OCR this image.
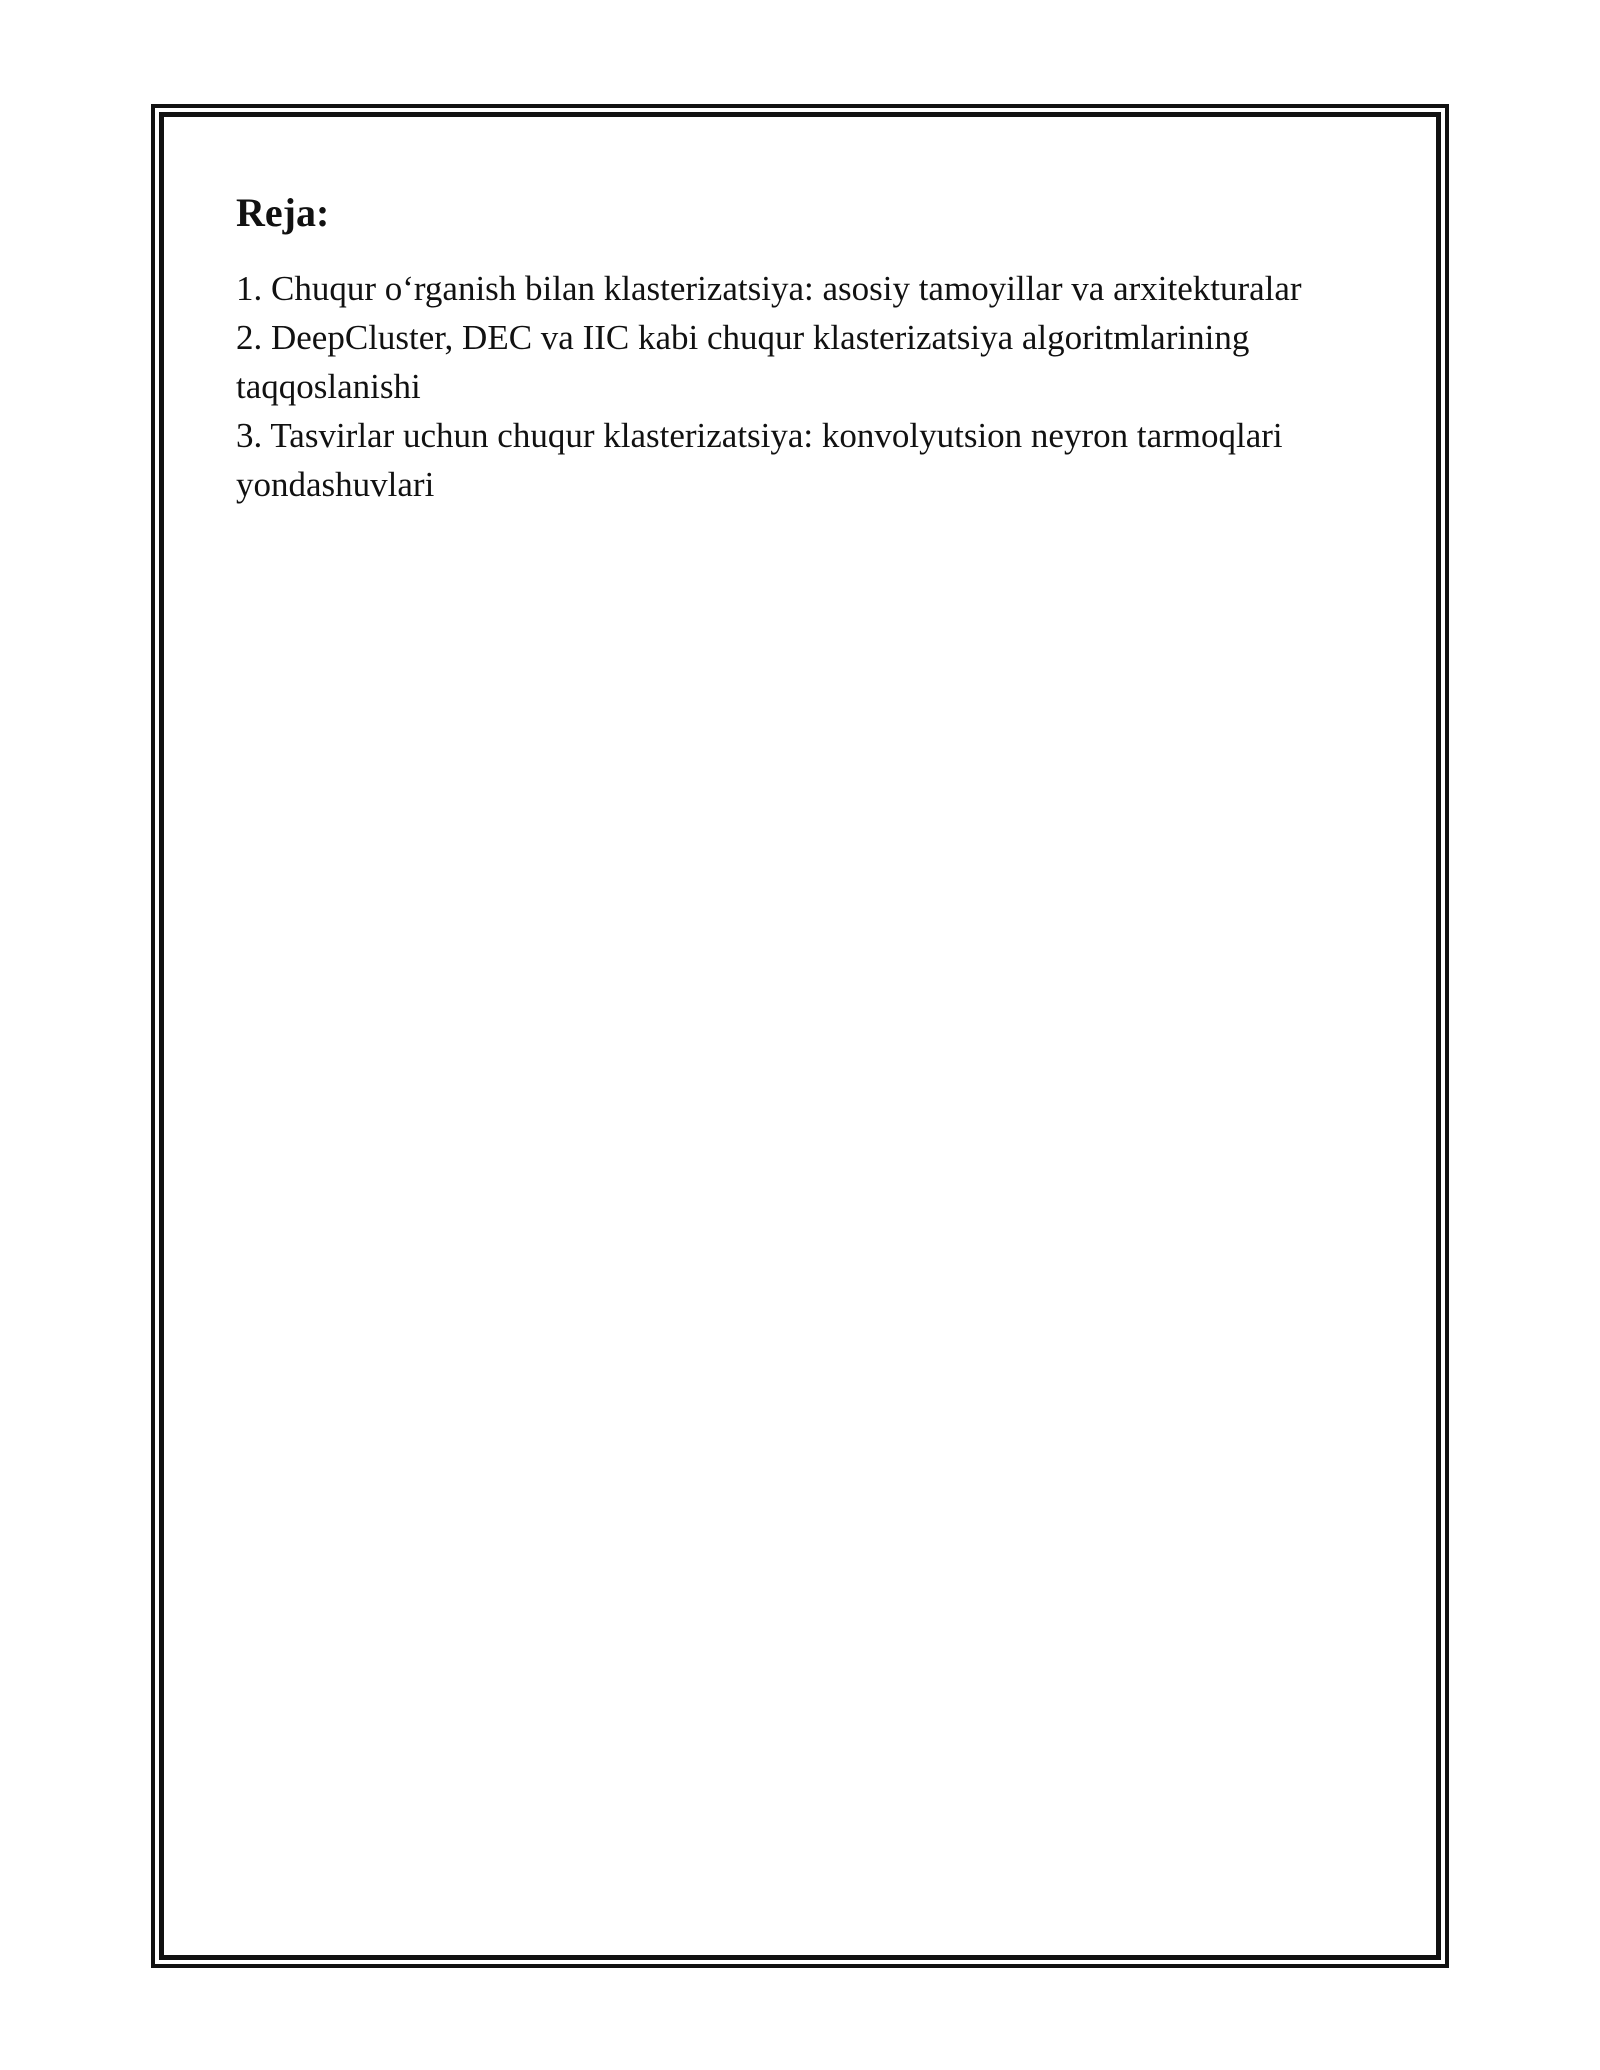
Reja:
1. Chuqur o‘rganish bilan klasterizatsiya: asosiy tamoyillar va arxitekturalar
2. DeepCluster, DEC va IIC kabi chuqur klasterizatsiya algoritmlarining taqqoslanishi
3. Tasvirlar uchun chuqur klasterizatsiya: konvolyutsion neyron tarmoqlari yondashuvlari
